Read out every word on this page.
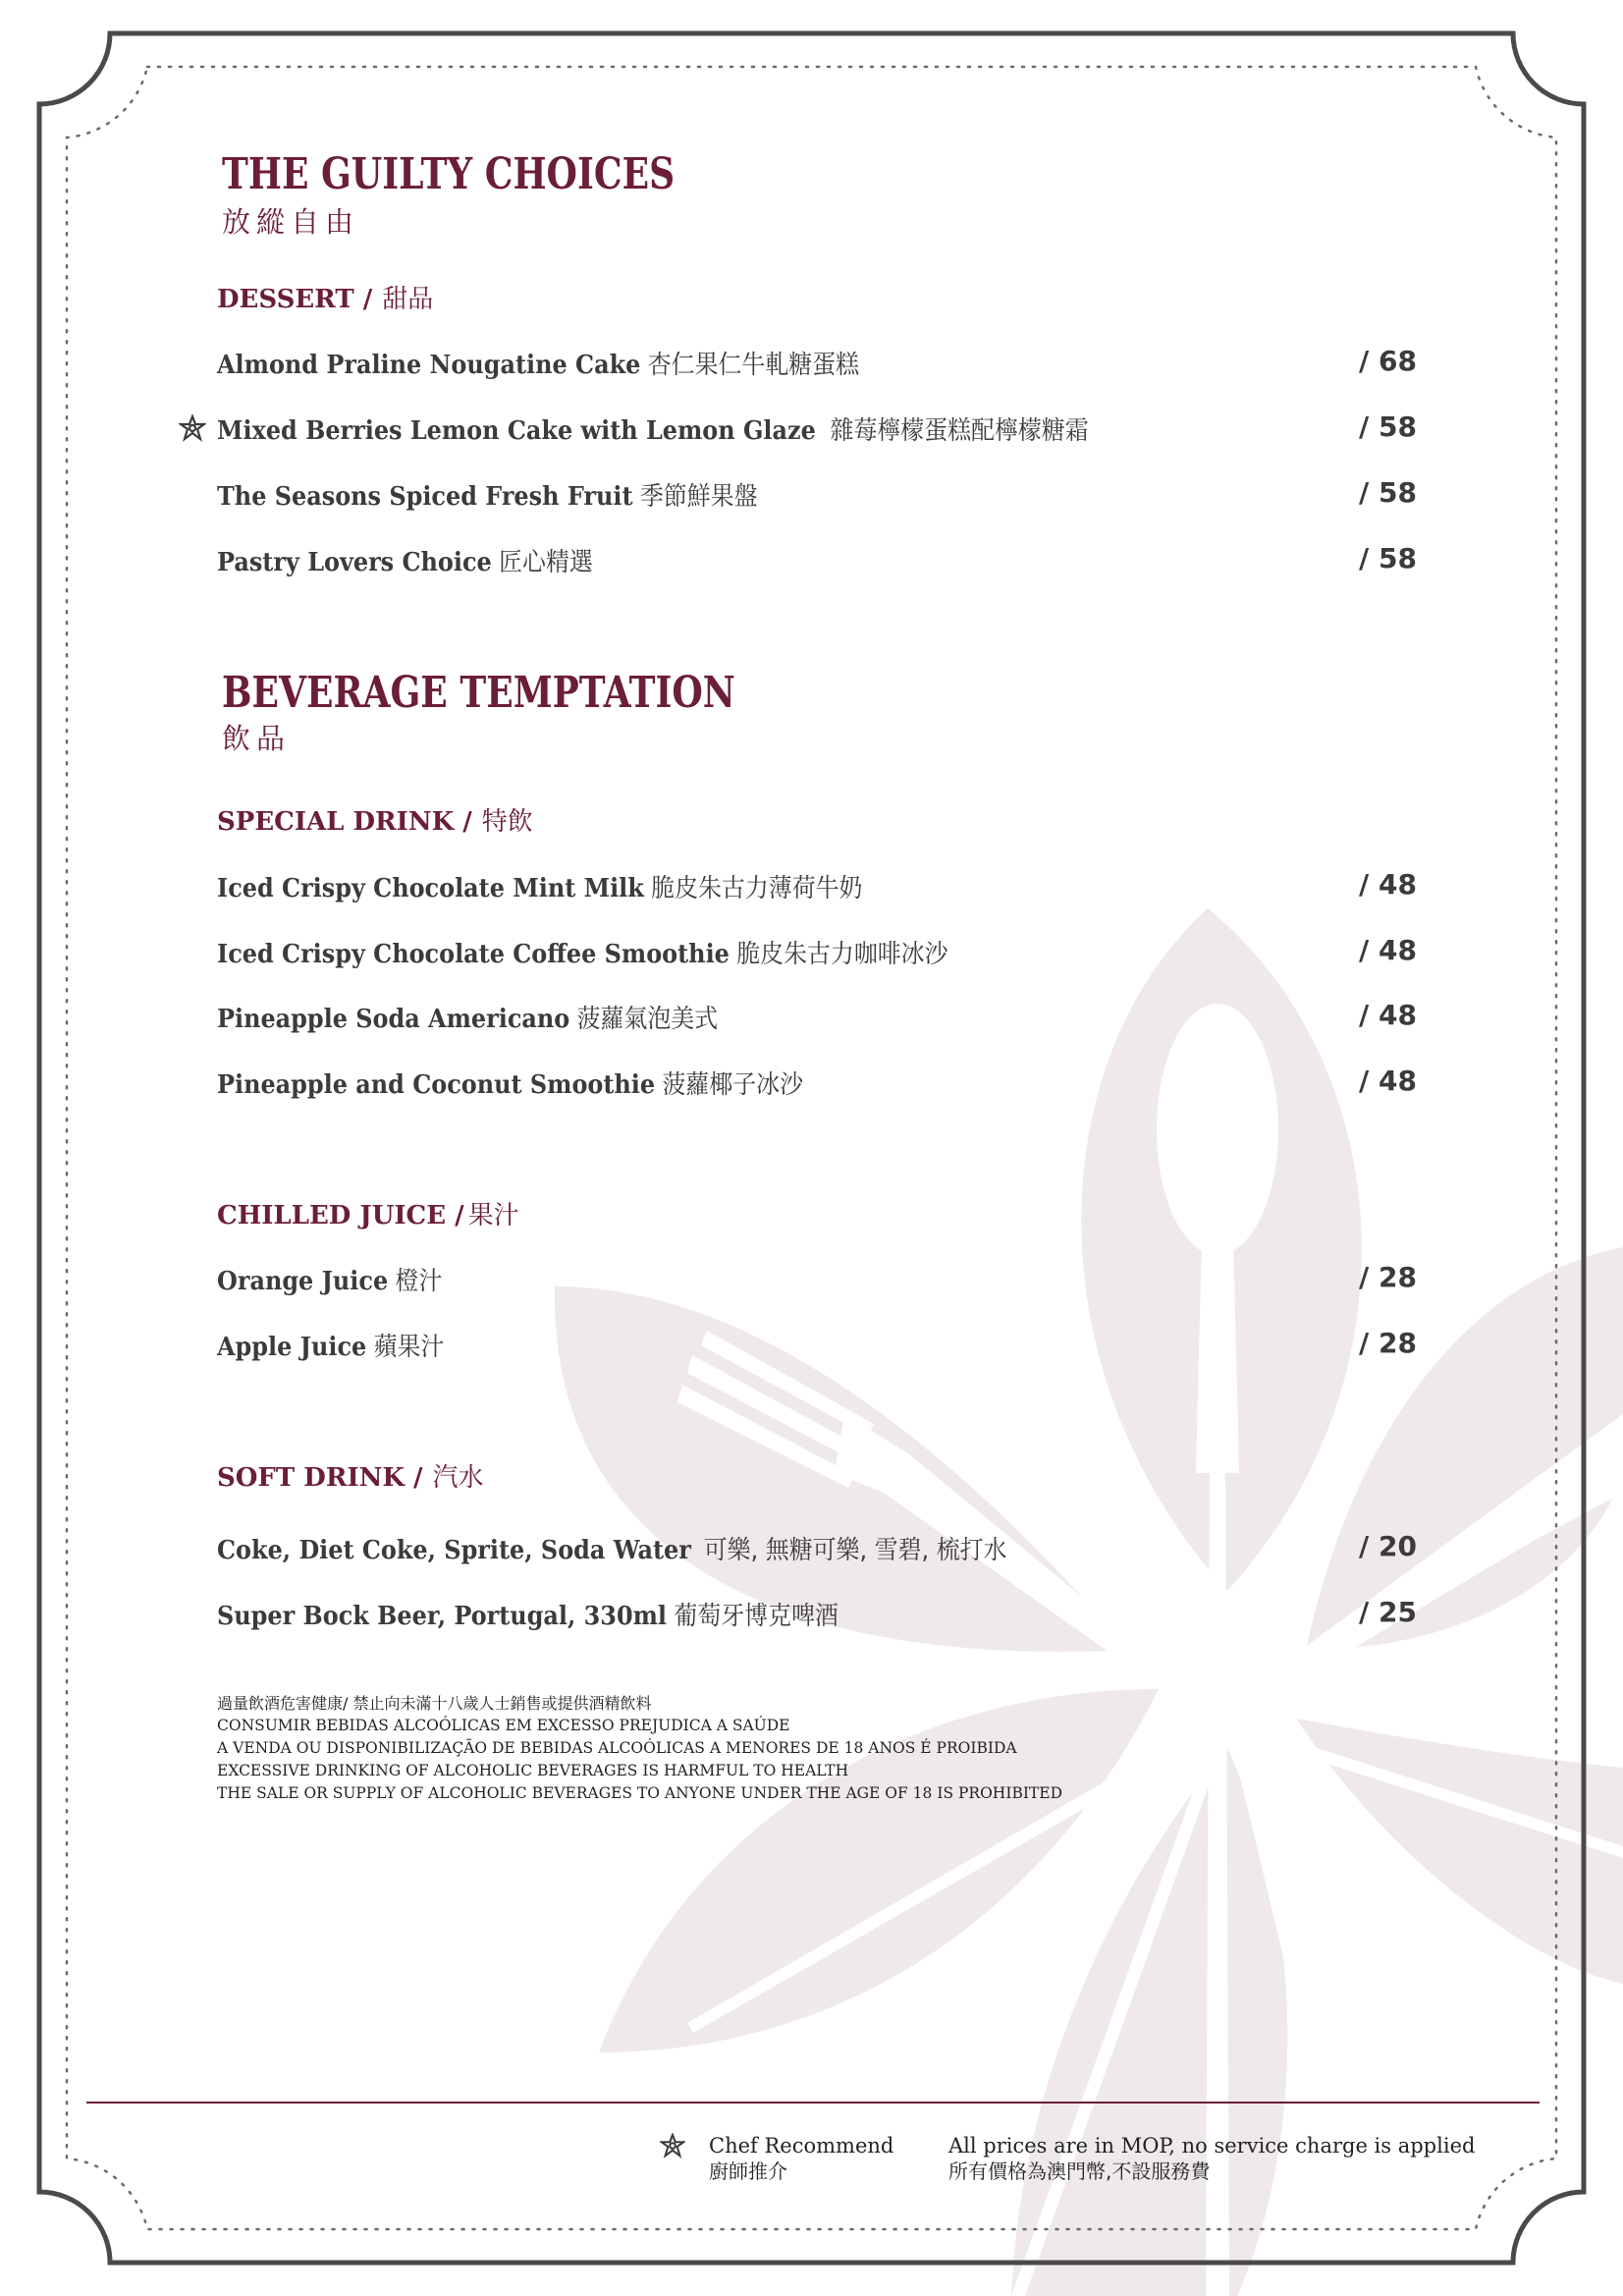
THE GUILTY CHOICES
放縱自由
DESSERT / 甜品
Almond Praline Nougatine Cake 杏仁果仁牛軋糖蛋糕	/ 68
Mixed Berries Lemon Cake with Lemon Glaze 雜莓檸檬蛋糕配檸檬糖霜	/ 58
The Seasons Spiced Fresh Fruit 季節鮮果盤	/ 58
Pastry Lovers Choice 匠心精選	/ 58
BEVERAGE TEMPTATION
飲品
SPECIAL DRINK / 特飲
Iced Crispy Chocolate Mint Milk 脆皮朱古力薄荷牛奶	/ 48
Iced Crispy Chocolate Coffee Smoothie 脆皮朱古力咖啡冰沙	/ 48
Pineapple Soda Americano 菠蘿氣泡美式	/ 48
Pineapple and Coconut Smoothie 菠蘿椰子冰沙	/ 48
CHILLED JUICE / 果汁
Orange Juice 橙汁	/ 28
Apple Juice 蘋果汁	/ 28
SOFT DRINK / 汽水
Coke, Diet Coke, Sprite, Soda Water 可樂, 無糖可樂, 雪碧, 梳打水	/ 20
Super Bock Beer, Portugal, 330ml 葡萄牙博克啤酒	/ 25
過量飲酒危害健康/ 禁止向未滿十八歲人士銷售或提供酒精飲料
CONSUMIR BEBIDAS ALCOÓLICAS EM EXCESSO PREJUDICA A SAÚDE
A VENDA OU DISPONIBILIZAÇÃO DE BEBIDAS ALCOÓLICAS A MENORES DE 18 ANOS É PROIBIDA
EXCESSIVE DRINKING OF ALCOHOLIC BEVERAGES IS HARMFUL TO HEALTH
THE SALE OR SUPPLY OF ALCOHOLIC BEVERAGES TO ANYONE UNDER THE AGE OF 18 IS PROHIBITED
Chef Recommend
廚師推介
All prices are in MOP, no service charge is applied
所有價格為澳門幣,不設服務費
